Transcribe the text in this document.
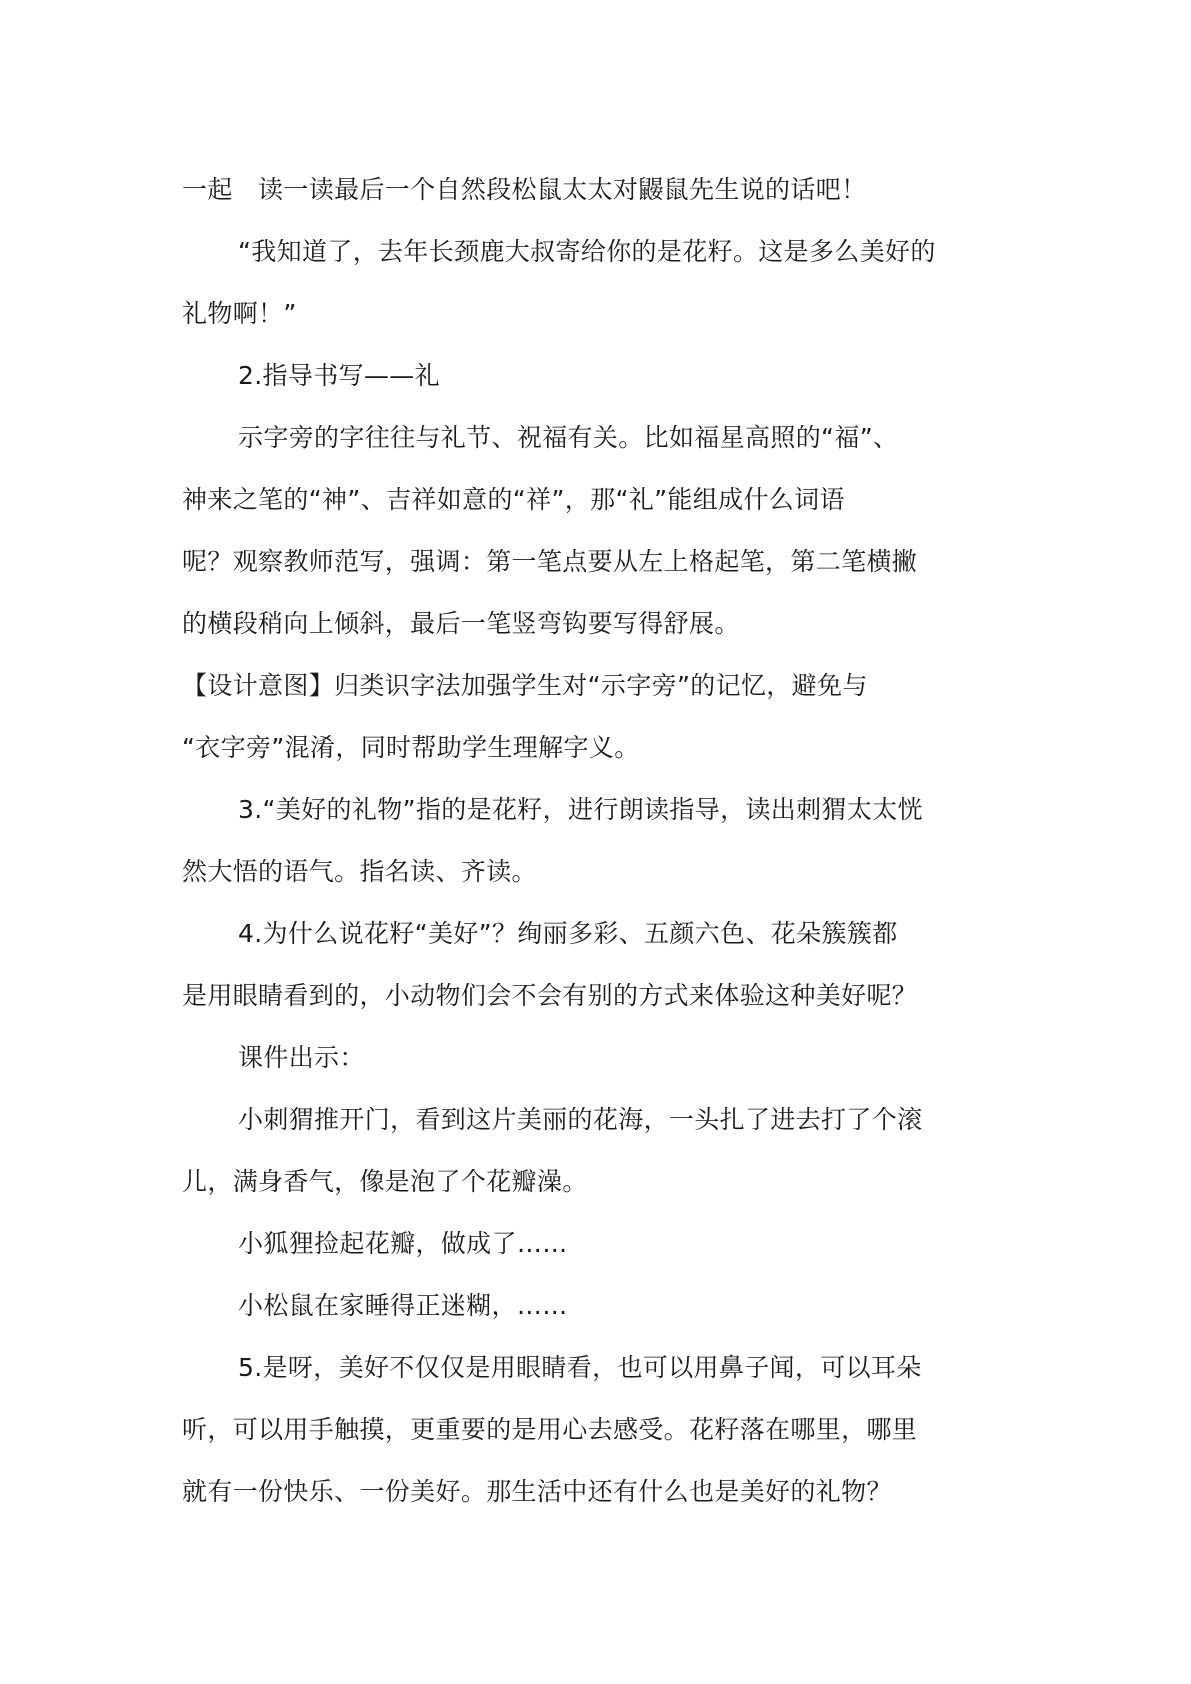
一起　读一读最后一个自然段松鼠太太对鼹鼠先生说的话吧！

“我知道了，去年长颈鹿大叔寄给你的是花籽。这是多么美好的

礼物啊！”

2.指导书写——礼

示字旁的字往往与礼节、祝福有关。比如福星高照的“福”、

神来之笔的“神”、吉祥如意的“祥”，那“礼”能组成什么词语

呢？观察教师范写，强调：第一笔点要从左上格起笔，第二笔横撇

的横段稍向上倾斜，最后一笔竖弯钩要写得舒展。

【设计意图】归类识字法加强学生对“示字旁”的记忆，避免与

“衣字旁”混淆，同时帮助学生理解字义。

3.“美好的礼物”指的是花籽，进行朗读指导，读出刺猬太太恍

然大悟的语气。指名读、齐读。

4.为什么说花籽“美好”？绚丽多彩、五颜六色、花朵簇簇都

是用眼睛看到的，小动物们会不会有别的方式来体验这种美好呢？

课件出示：

小刺猬推开门，看到这片美丽的花海，一头扎了进去打了个滚

儿，满身香气，像是泡了个花瓣澡。

小狐狸捡起花瓣，做成了……

小松鼠在家睡得正迷糊，……

5.是呀，美好不仅仅是用眼睛看，也可以用鼻子闻，可以耳朵

听，可以用手触摸，更重要的是用心去感受。花籽落在哪里，哪里

就有一份快乐、一份美好。那生活中还有什么也是美好的礼物？
